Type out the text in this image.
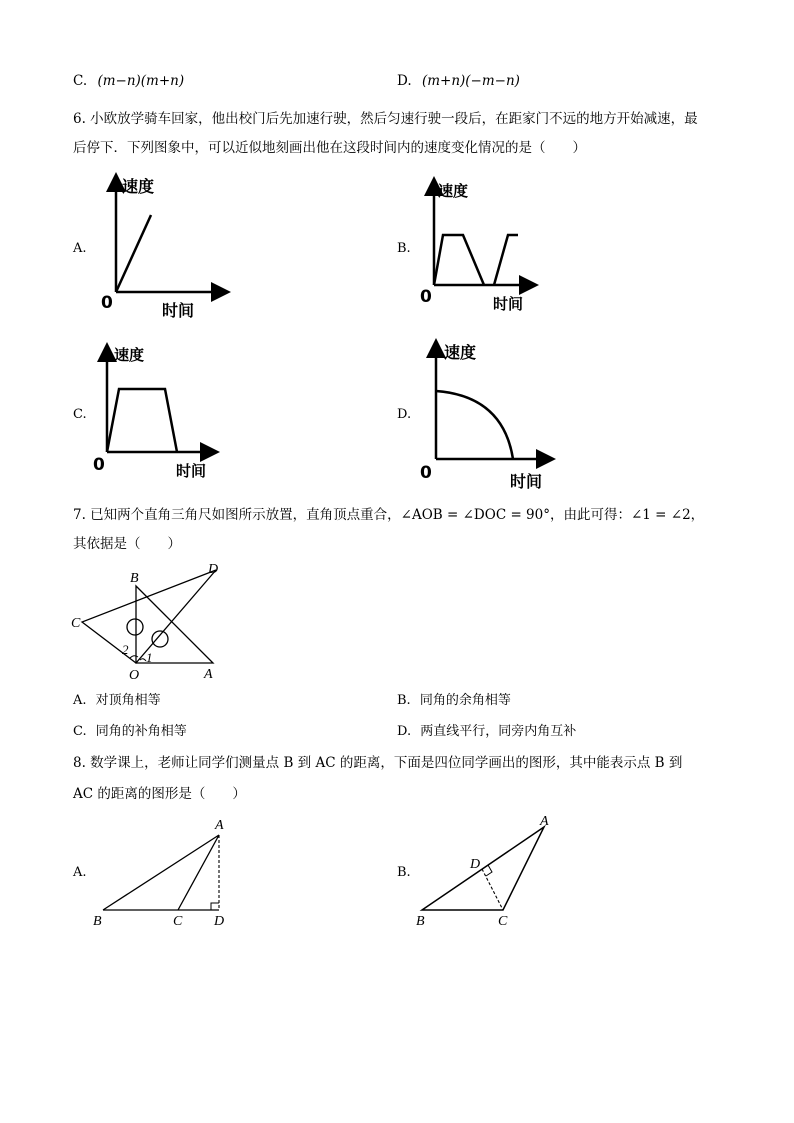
C. (m−n)(m+n)	D. (m+n)(−m−n)
6. 小欧放学骑车回家，他出校门后先加速行驶，然后匀速行驶一段后，在距家门不远的地方开始减速，最
后停下．下列图象中，可以近似地刻画出他在这段时间内的速度变化情况的是（　　）
A.
速度
0	时间
B.
速度
0	时间
C.
速度
0	时间
D.
速度
0	时间
7. 已知两个直角三角尺如图所示放置，直角顶点重合，∠AOB = ∠DOC = 90°，由此可得：∠1 = ∠2，
其依据是（　　）
B
D
C
O	A
2
1
A. 对顶角相等	B. 同角的余角相等
C. 同角的补角相等	D. 两直线平行，同旁内角互补
8. 数学课上，老师让同学们测量点 B 到 AC 的距离，下面是四位同学画出的图形，其中能表示点 B 到
AC 的距离的图形是（　　）
A.
A
B	C D
B.
A
D
B	C
